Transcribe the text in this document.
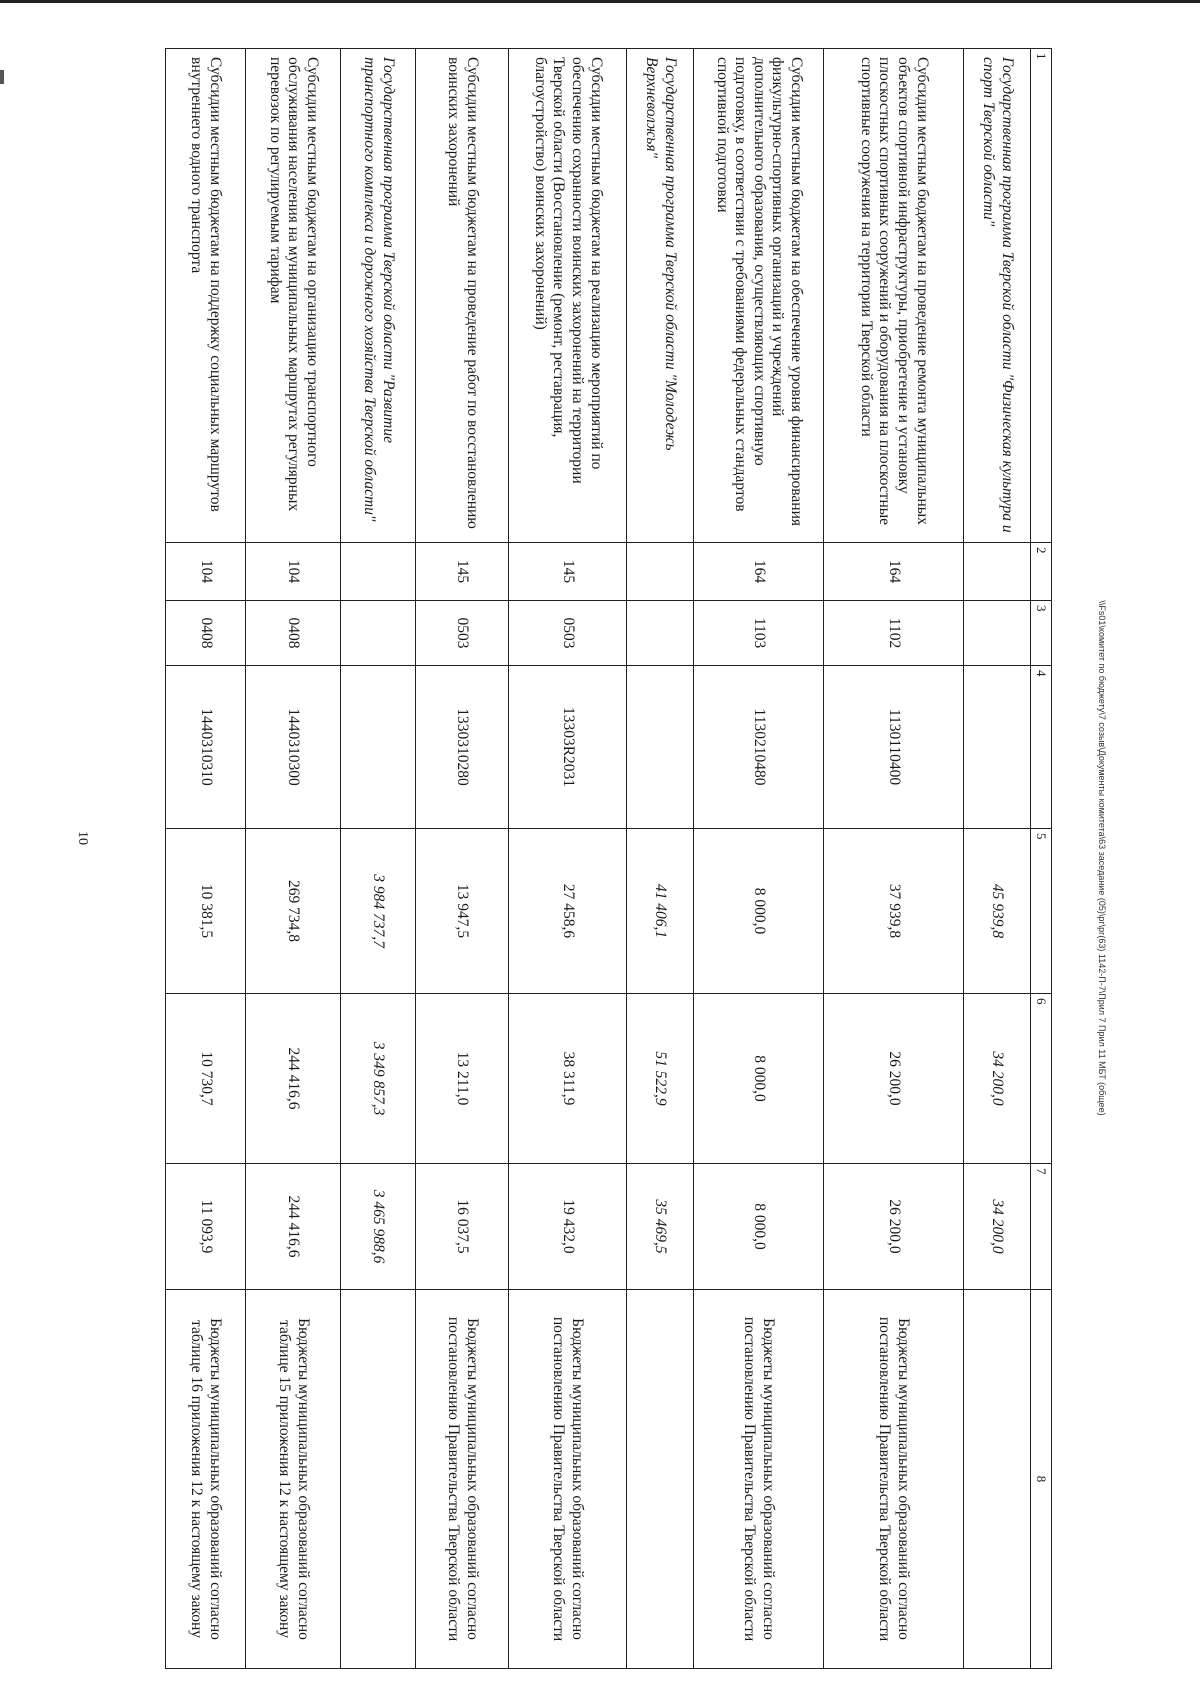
10	\\Fs01\комитет по бюджету\7 созыв\Документы комитета\63 заседание (05)\рг\рг(63) 1142-П-7\Прил 7 Прил 11 МБТ (общее)
1	2	3	4	5	6	7	8
Государственная программа Тверской области "Физическая культура и спорт Тверской области"				45 939,8	34 200,0	34 200,0	
Субсидии местным бюджетам на проведение ремонта муниципальных объектов спортивной инфраструктуры, приобретение и установку плоскостных спортивных сооружений и оборудования на плоскостные спортивные сооружения на территории Тверской области	164	1102	1130110400	37 939,8	26 200,0	26 200,0	Бюджеты муниципальных образований согласно постановлению Правительства Тверской области
Субсидии местным бюджетам на обеспечение уровня финансирования физкультурно-спортивных организаций и учреждений дополнительного образования, осуществляющих спортивную подготовку, в соответствии с требованиями федеральных стандартов спортивной подготовки	164	1103	1130210480	8 000,0	8 000,0	8 000,0	Бюджеты муниципальных образований согласно постановлению Правительства Тверской области
Государственная программа Тверской области "Молодежь Верхневолжья"				41 406,1	51 522,9	35 469,5	
Субсидии местным бюджетам на реализацию мероприятий по обеспечению сохранности воинских захоронений на территории Тверской области (Восстановление (ремонт, реставрация, благоустройство) воинских захоронений)	145	0503	13303R2031	27 458,6	38 311,9	19 432,0	Бюджеты муниципальных образований согласно постановлению Правительства Тверской области
Субсидии местным бюджетам на проведение работ по восстановлению воинских захоронений	145	0503	1330310280	13 947,5	13 211,0	16 037,5	Бюджеты муниципальных образований согласно постановлению Правительства Тверской области
Государственная программа Тверской области "Развитие транспортного комплекса и дорожного хозяйства Тверской области"				3 984 737,7	3 349 857,3	3 465 988,6	
Субсидии местным бюджетам на организацию транспортного обслуживания населения на муниципальных маршрутах регулярных перевозок по регулируемым тарифам	104	0408	1440310300	269 734,8	244 416,6	244 416,6	Бюджеты муниципальных образований согласно таблице 15 приложения 12 к настоящему закону
Субсидии местным бюджетам на поддержку социальных маршрутов внутреннего водного транспорта	104	0408	1440310310	10 381,5	10 730,7	11 093,9	Бюджеты муниципальных образований согласно таблице 16 приложения 12 к настоящему закону
